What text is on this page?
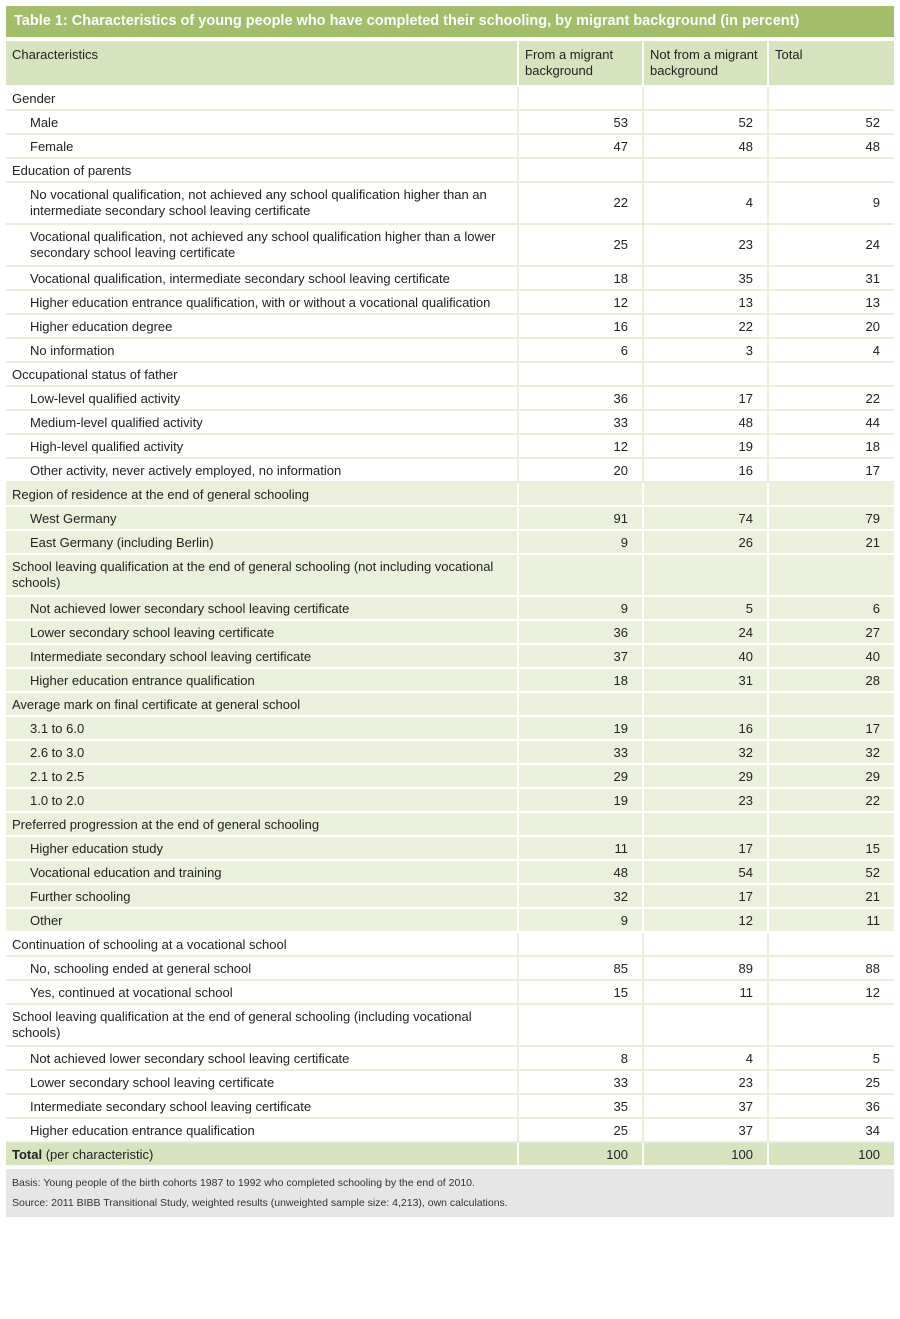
Table 1: Characteristics of young people who have completed their schooling, by migrant background (in percent)
Characteristics	From a migrant background	Not from a migrant background	Total
Gender			
Male	53	52	52
Female	47	48	48
Education of parents			
No vocational qualification, not achieved any school qualification higher than an intermediate secondary school leaving certificate	22	4	9
Vocational qualification, not achieved any school qualification higher than a lower secondary school leaving certificate	25	23	24
Vocational qualification, intermediate secondary school leaving certificate	18	35	31
Higher education entrance qualification, with or without a vocational qualification	12	13	13
Higher education degree	16	22	20
No information	6	3	4
Occupational status of father			
Low-level qualified activity	36	17	22
Medium-level qualified activity	33	48	44
High-level qualified activity	12	19	18
Other activity, never actively employed, no information	20	16	17
Region of residence at the end of general schooling			
West Germany	91	74	79
East Germany (including Berlin)	9	26	21
School leaving qualification at the end of general schooling (not including vocational schools)			
Not achieved lower secondary school leaving certificate	9	5	6
Lower secondary school leaving certificate	36	24	27
Intermediate secondary school leaving certificate	37	40	40
Higher education entrance qualification	18	31	28
Average mark on final certificate at general school			
3.1 to 6.0	19	16	17
2.6 to 3.0	33	32	32
2.1 to 2.5	29	29	29
1.0 to 2.0	19	23	22
Preferred progression at the end of general schooling			
Higher education study	11	17	15
Vocational education and training	48	54	52
Further schooling	32	17	21
Other	9	12	11
Continuation of schooling at a vocational school			
No, schooling ended at general school	85	89	88
Yes, continued at vocational school	15	11	12
School leaving qualification at the end of general schooling (including vocational schools)			
Not achieved lower secondary school leaving certificate	8	4	5
Lower secondary school leaving certificate	33	23	25
Intermediate secondary school leaving certificate	35	37	36
Higher education entrance qualification	25	37	34
Total (per characteristic)	100	100	100
Basis: Young people of the birth cohorts 1987 to 1992 who completed schooling by the end of 2010.
Source: 2011 BIBB Transitional Study, weighted results (unweighted sample size: 4,213), own calculations.
